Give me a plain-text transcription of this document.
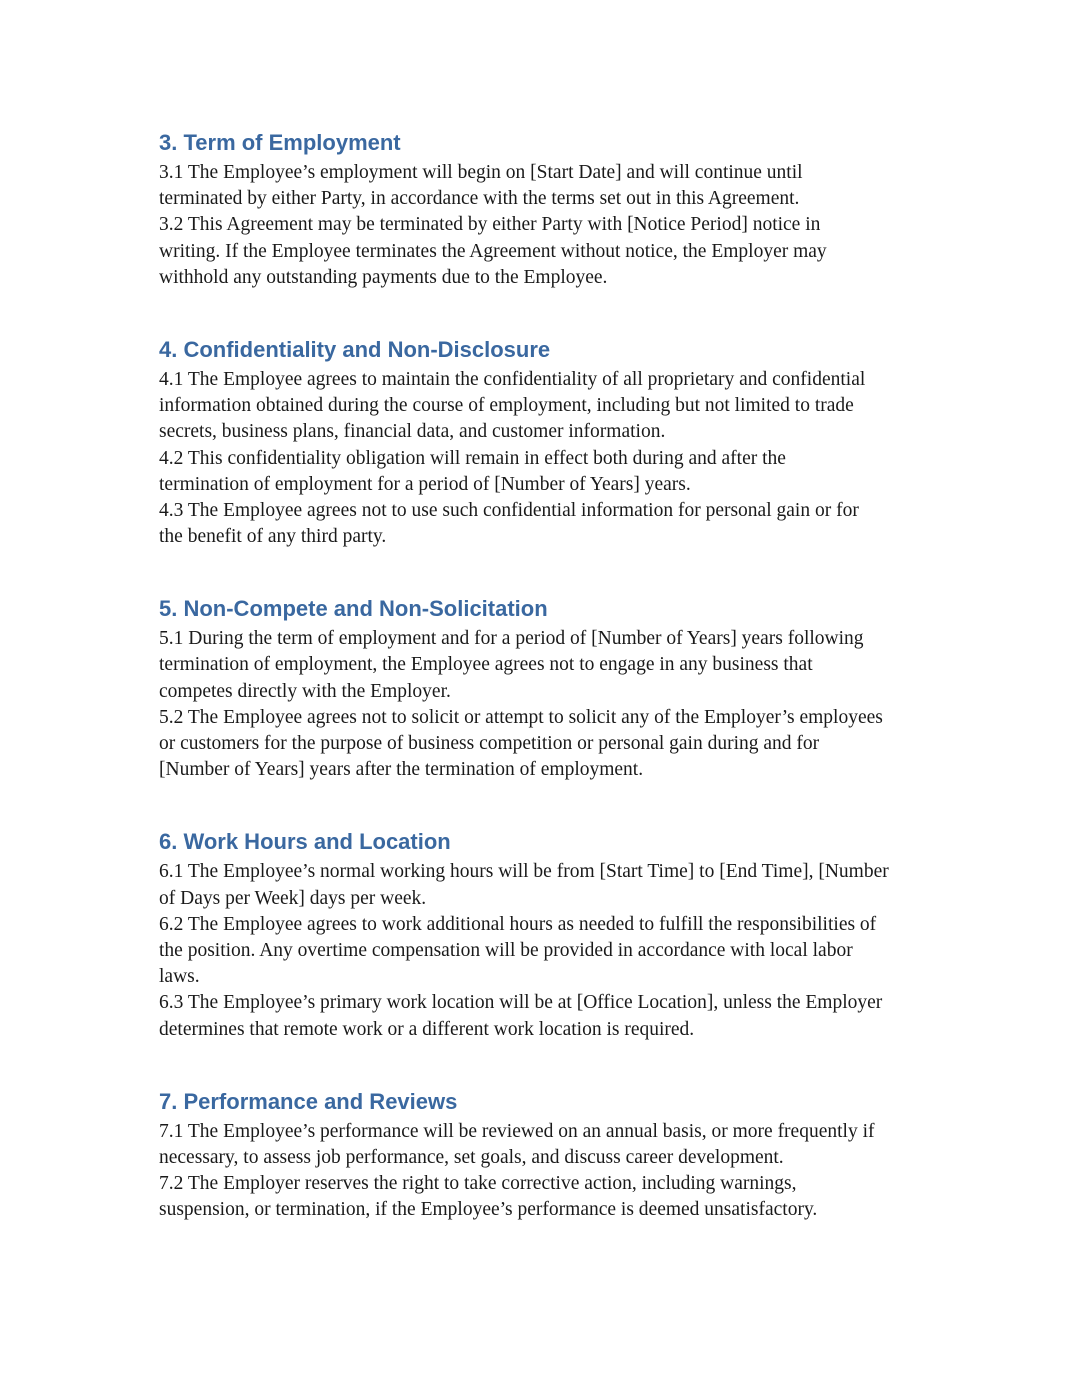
3. Term of Employment
3.1 The Employee’s employment will begin on [Start Date] and will continue until
terminated by either Party, in accordance with the terms set out in this Agreement.
3.2 This Agreement may be terminated by either Party with [Notice Period] notice in
writing. If the Employee terminates the Agreement without notice, the Employer may
withhold any outstanding payments due to the Employee.
4. Confidentiality and Non-Disclosure
4.1 The Employee agrees to maintain the confidentiality of all proprietary and confidential
information obtained during the course of employment, including but not limited to trade
secrets, business plans, financial data, and customer information.
4.2 This confidentiality obligation will remain in effect both during and after the
termination of employment for a period of [Number of Years] years.
4.3 The Employee agrees not to use such confidential information for personal gain or for
the benefit of any third party.
5. Non-Compete and Non-Solicitation
5.1 During the term of employment and for a period of [Number of Years] years following
termination of employment, the Employee agrees not to engage in any business that
competes directly with the Employer.
5.2 The Employee agrees not to solicit or attempt to solicit any of the Employer’s employees
or customers for the purpose of business competition or personal gain during and for
[Number of Years] years after the termination of employment.
6. Work Hours and Location
6.1 The Employee’s normal working hours will be from [Start Time] to [End Time], [Number
of Days per Week] days per week.
6.2 The Employee agrees to work additional hours as needed to fulfill the responsibilities of
the position. Any overtime compensation will be provided in accordance with local labor
laws.
6.3 The Employee’s primary work location will be at [Office Location], unless the Employer
determines that remote work or a different work location is required.
7. Performance and Reviews
7.1 The Employee’s performance will be reviewed on an annual basis, or more frequently if
necessary, to assess job performance, set goals, and discuss career development.
7.2 The Employer reserves the right to take corrective action, including warnings,
suspension, or termination, if the Employee’s performance is deemed unsatisfactory.
